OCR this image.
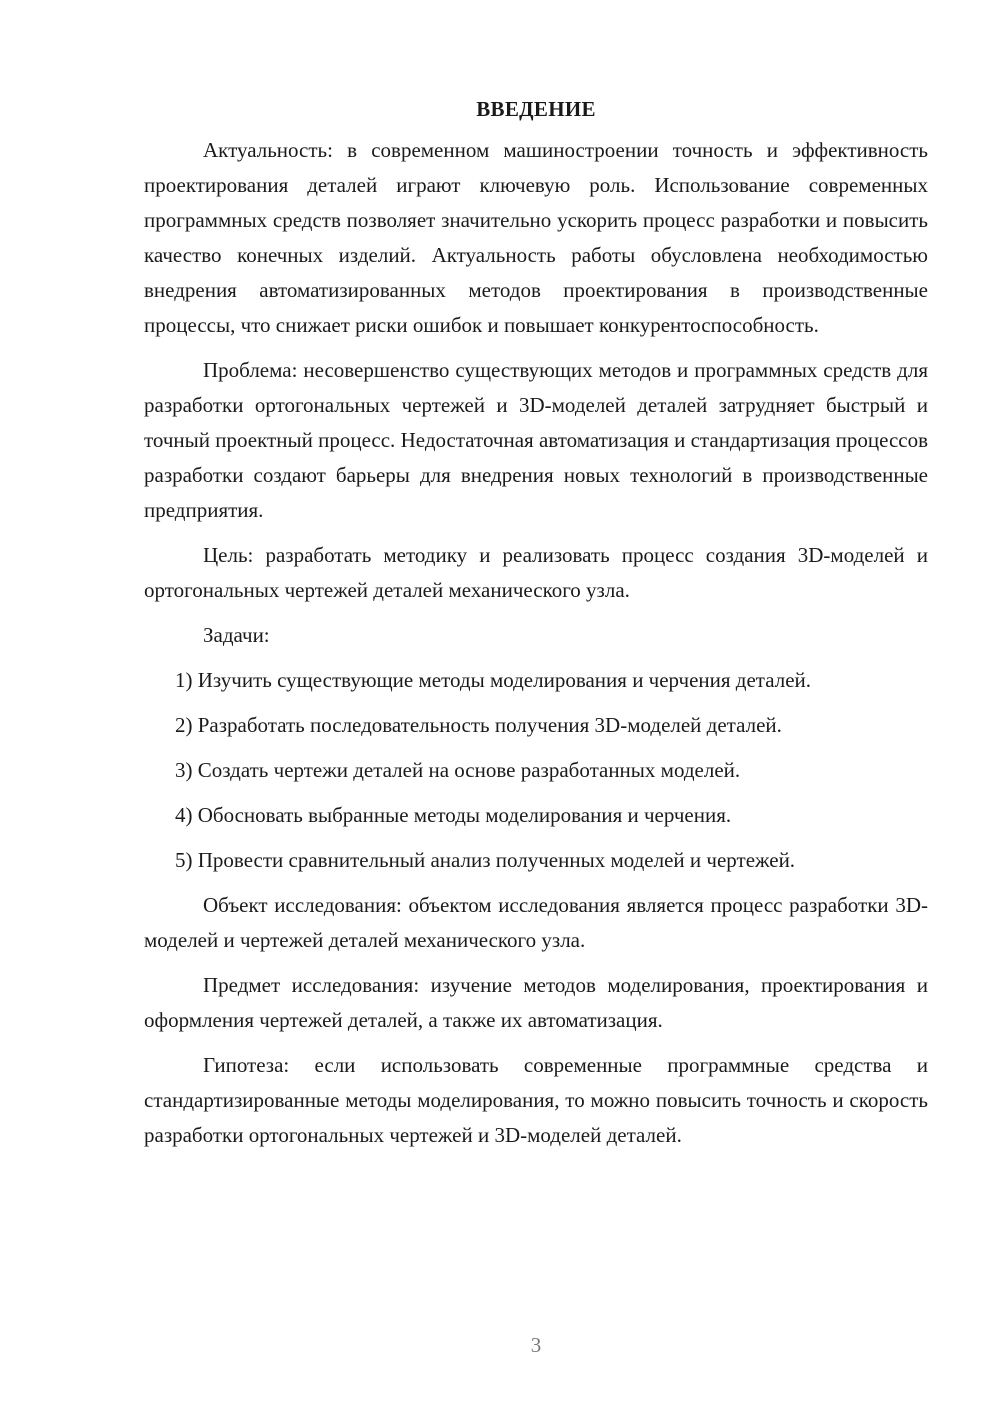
ВВЕДЕНИЕ

Актуальность: в современном машиностроении точность и эффективность проектирования деталей играют ключевую роль. Использование современных программных средств позволяет значительно ускорить процесс разработки и повысить качество конечных изделий. Актуальность работы обусловлена необходимостью внедрения автоматизированных методов проектирования в производственные процессы, что снижает риски ошибок и повышает конкурентоспособность.

Проблема: несовершенство существующих методов и программных средств для разработки ортогональных чертежей и 3D-моделей деталей затрудняет быстрый и точный проектный процесс. Недостаточная автоматизация и стандартизация процессов разработки создают барьеры для внедрения новых технологий в производственные предприятия.

Цель: разработать методику и реализовать процесс создания 3D-моделей и ортогональных чертежей деталей механического узла.

Задачи:

1) Изучить существующие методы моделирования и черчения деталей.
2) Разработать последовательность получения 3D-моделей деталей.
3) Создать чертежи деталей на основе разработанных моделей.
4) Обосновать выбранные методы моделирования и черчения.
5) Провести сравнительный анализ полученных моделей и чертежей.

Объект исследования: объектом исследования является процесс разработки 3D-моделей и чертежей деталей механического узла.

Предмет исследования: изучение методов моделирования, проектирования и оформления чертежей деталей, а также их автоматизация.

Гипотеза: если использовать современные программные средства и стандартизированные методы моделирования, то можно повысить точность и скорость разработки ортогональных чертежей и 3D-моделей деталей.

3
